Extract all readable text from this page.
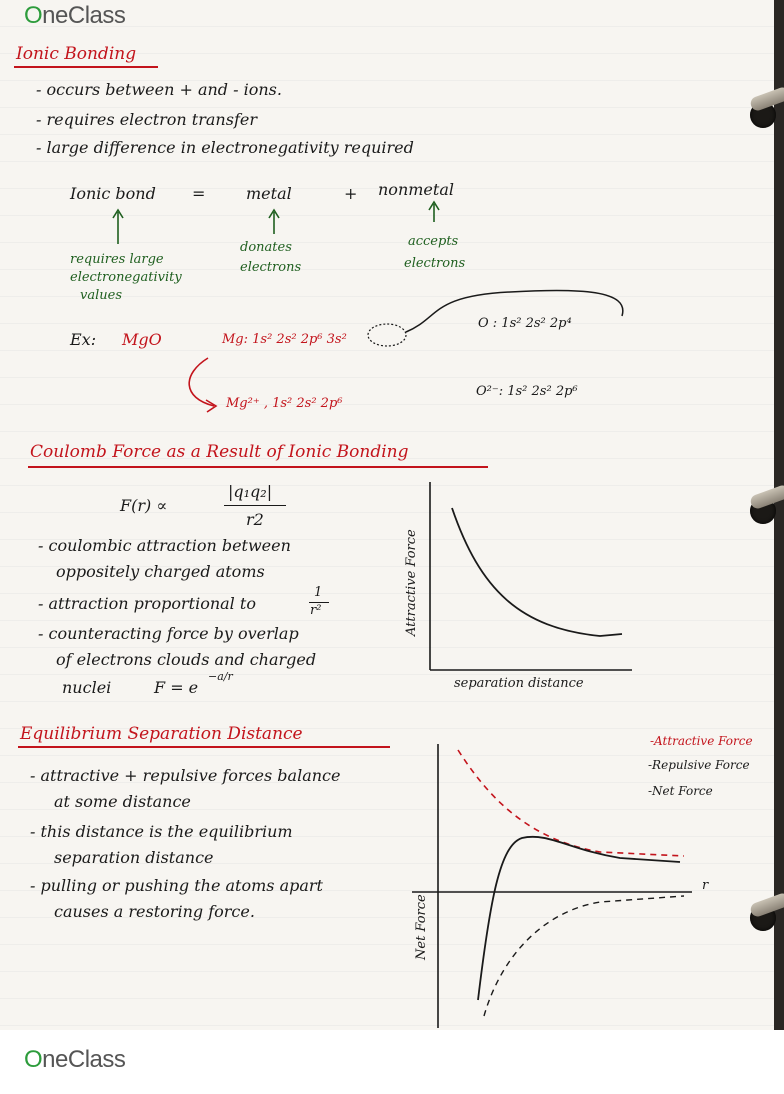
OneClass
Ionic Bonding
- occurs between + and - ions.
- requires electron transfer
- large difference in electronegativity required
Ionic bond =	metal	+ nonmetal
requires large
electronegativity
values
donates
electrons
accepts
electrons
Ex: MgO	Mg: 1s² 2s² 2p⁶ 3s²
O : 1s² 2s² 2p⁴
Mg²⁺ , 1s² 2s² 2p⁶
O²⁻: 1s² 2s² 2p⁶
Coulomb Force as a Result of Ionic Bonding
F(r) ∝
|q₁q₂|
r2
- coulombic attraction between
oppositely charged atoms
- attraction proportional to
1
r²
- counteracting force by overlap
of electrons clouds and charged
nuclei	F = e
−a/r
Attractive Force
separation distance
Equilibrium Separation Distance
- attractive + repulsive forces balance
at some distance
- this distance is the equilibrium
separation distance
- pulling or pushing the atoms apart
causes a restoring force.
-Attractive Force
-Repulsive Force
-Net Force
Net Force
r
OneClass
